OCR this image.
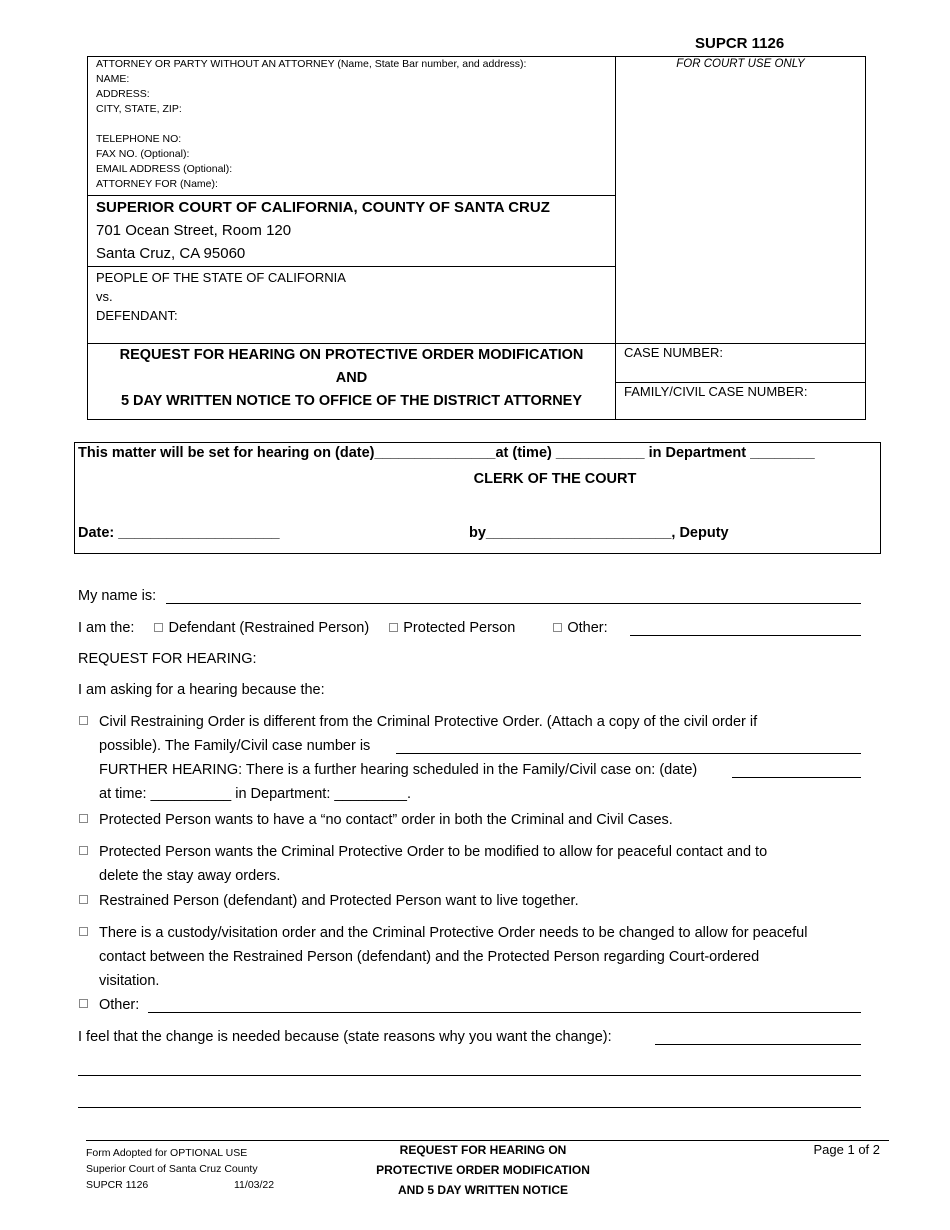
SUPCR 1126
ATTORNEY OR PARTY WITHOUT AN ATTORNEY (Name, State Bar number, and address):
NAME:
ADDRESS:
CITY, STATE, ZIP:
TELEPHONE NO:
FAX NO. (Optional):
EMAIL ADDRESS (Optional):
ATTORNEY FOR (Name):
FOR COURT USE ONLY
SUPERIOR COURT OF CALIFORNIA, COUNTY OF SANTA CRUZ
701 Ocean Street, Room 120
Santa Cruz, CA 95060
PEOPLE OF THE STATE OF CALIFORNIA
vs.
DEFENDANT:
REQUEST FOR HEARING ON PROTECTIVE ORDER MODIFICATION
AND
5 DAY WRITTEN NOTICE TO OFFICE OF THE DISTRICT ATTORNEY
CASE NUMBER:
FAMILY/CIVIL CASE NUMBER:
This matter will be set for hearing on (date)_______________at (time) ___________ in Department ________
CLERK OF THE COURT
Date: ____________________	by_______________________, Deputy
My name is:
I am the: Defendant (Restrained Person) Protected Person	Other:
REQUEST FOR HEARING:
I am asking for a hearing because the:
Civil Restraining Order is different from the Criminal Protective Order. (Attach a copy of the civil order if
possible). The Family/Civil case number is
FURTHER HEARING: There is a further hearing scheduled in the Family/Civil case on: (date)
at time: __________ in Department: _________.
Protected Person wants to have a “no contact” order in both the Criminal and Civil Cases.
Protected Person wants the Criminal Protective Order to be modified to allow for peaceful contact and to
delete the stay away orders.
Restrained Person (defendant) and Protected Person want to live together.
There is a custody/visitation order and the Criminal Protective Order needs to be changed to allow for peaceful
contact between the Restrained Person (defendant) and the Protected Person regarding Court-ordered
visitation.
Other:
I feel that the change is needed because (state reasons why you want the change):
Form Adopted for OPTIONAL USE
Superior Court of Santa Cruz County
SUPCR 1126	11/03/22
REQUEST FOR HEARING ON
PROTECTIVE ORDER MODIFICATION
AND 5 DAY WRITTEN NOTICE
Page 1 of 2
